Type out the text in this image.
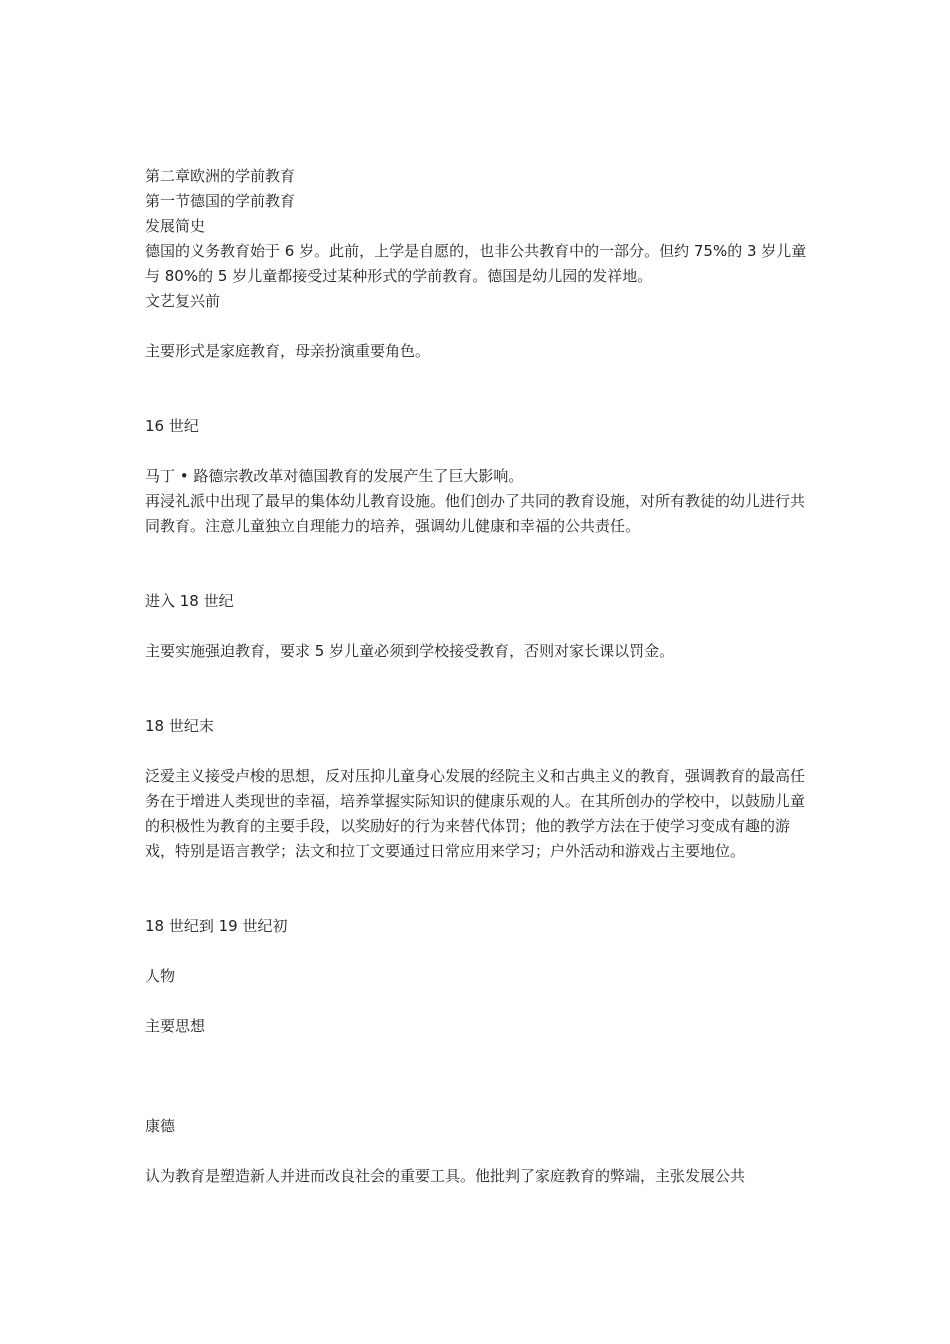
第二章欧洲的学前教育

第一节德国的学前教育

发展简史

德国的义务教育始于 6 岁。此前，上学是自愿的，也非公共教育中的一部分。但约 75%的 3 岁儿童与 80%的 5 岁儿童都接受过某种形式的学前教育。德国是幼儿园的发祥地。

文艺复兴前

主要形式是家庭教育，母亲扮演重要角色。

16 世纪

马丁 • 路德宗教改革对德国教育的发展产生了巨大影响。

再浸礼派中出现了最早的集体幼儿教育设施。他们创办了共同的教育设施，对所有教徒的幼儿进行共同教育。注意儿童独立自理能力的培养，强调幼儿健康和幸福的公共责任。

进入 18 世纪

主要实施强迫教育，要求 5 岁儿童必须到学校接受教育，否则对家长课以罚金。

18 世纪末

泛爱主义接受卢梭的思想，反对压抑儿童身心发展的经院主义和古典主义的教育，强调教育的最高任务在于增进人类现世的幸福，培养掌握实际知识的健康乐观的人。在其所创办的学校中，以鼓励儿童的积极性为教育的主要手段，以奖励好的行为来替代体罚；他的教学方法在于使学习变成有趣的游戏，特别是语言教学；法文和拉丁文要通过日常应用来学习；户外活动和游戏占主要地位。

18 世纪到 19 世纪初

人物

主要思想

康德

认为教育是塑造新人并进而改良社会的重要工具。他批判了家庭教育的弊端，主张发展公共
